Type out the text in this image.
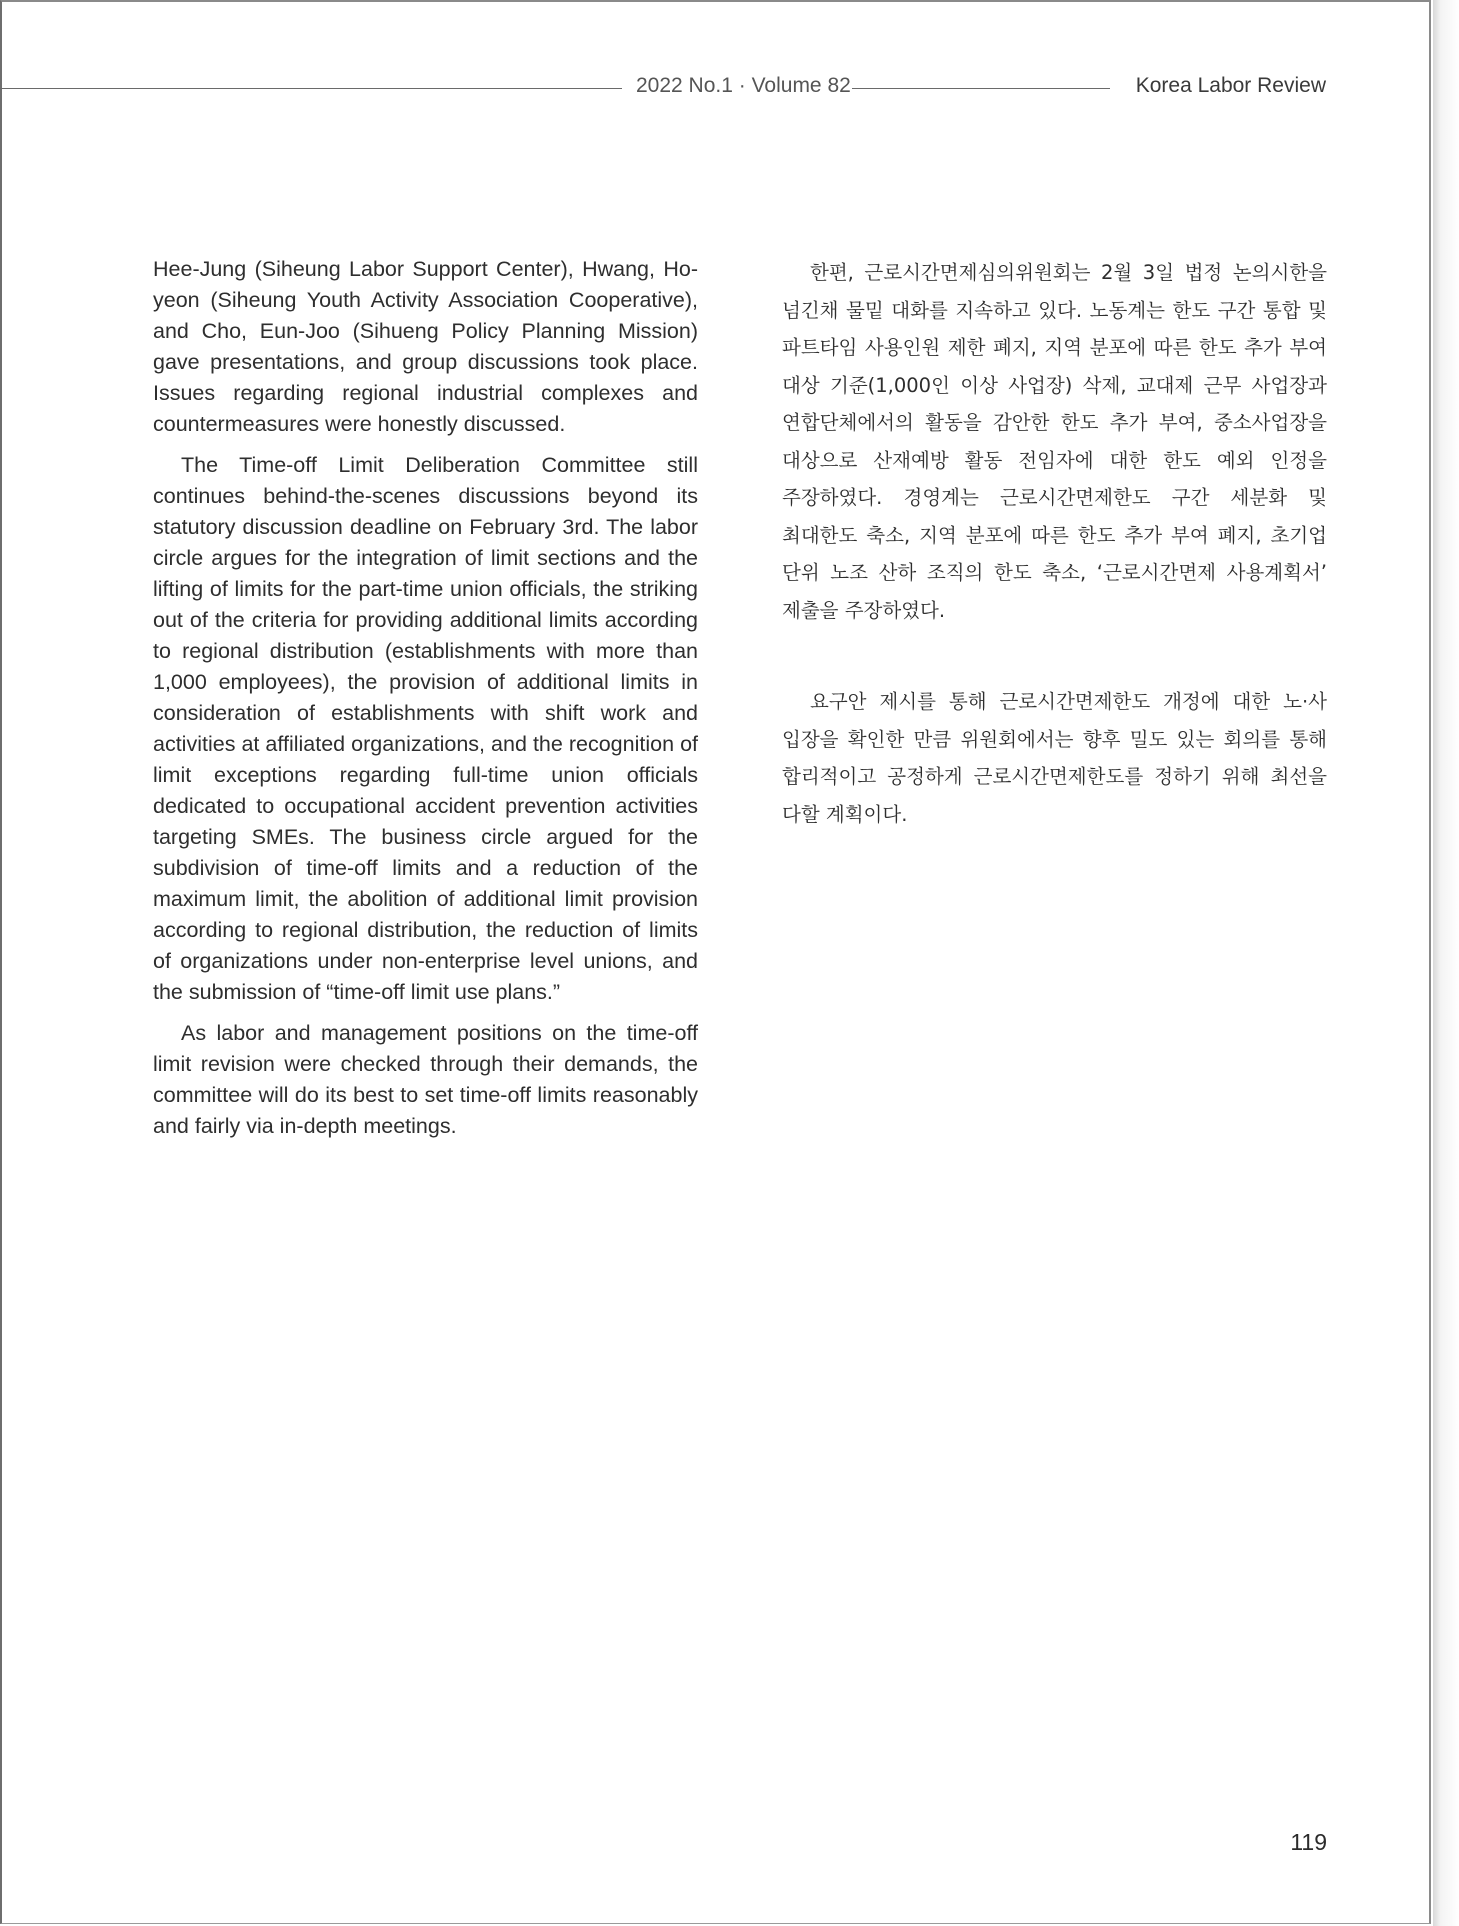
2022 No.1 · Volume 82	Korea Labor Review

Hee-Jung (Siheung Labor Support Center), Hwang, Ho-yeon (Siheung Youth Activity Association Cooperative), and Cho, Eun-Joo (Sihueng Policy Planning Mission) gave presentations, and group discussions took place. Issues regarding regional industrial complexes and countermeasures were honestly discussed.

The Time-off Limit Deliberation Committee still continues behind-the-scenes discussions beyond its statutory discussion deadline on February 3rd. The labor circle argues for the integration of limit sections and the lifting of limits for the part-time union officials, the striking out of the criteria for providing additional limits according to regional distribution (establishments with more than 1,000 employees), the provision of additional limits in consideration of establishments with shift work and activities at affiliated organizations, and the recognition of limit exceptions regarding full-time union officials dedicated to occupational accident prevention activities targeting SMEs. The business circle argued for the subdivision of time-off limits and a reduction of the maximum limit, the abolition of additional limit provision according to regional distribution, the reduction of limits of organizations under non-enterprise level unions, and the submission of “time-off limit use plans.”

As labor and management positions on the time-off limit revision were checked through their demands, the committee will do its best to set time-off limits reasonably and fairly via in-depth meetings.

한편, 근로시간면제심의위원회는 2월 3일 법정 논의시한을 넘긴채 물밑 대화를 지속하고 있다. 노동계는 한도 구간 통합 및 파트타임 사용인원 제한 폐지, 지역 분포에 따른 한도 추가 부여 대상 기준(1,000인 이상 사업장) 삭제, 교대제 근무 사업장과 연합단체에서의 활동을 감안한 한도 추가 부여, 중소사업장을 대상으로 산재예방 활동 전임자에 대한 한도 예외 인정을 주장하였다. 경영계는 근로시간면제한도 구간 세분화 및 최대한도 축소, 지역 분포에 따른 한도 추가 부여 폐지, 초기업 단위 노조 산하 조직의 한도 축소, ‘근로시간면제 사용계획서’ 제출을 주장하였다.

요구안 제시를 통해 근로시간면제한도 개정에 대한 노·사 입장을 확인한 만큼 위원회에서는 향후 밀도 있는 회의를 통해 합리적이고 공정하게 근로시간면제한도를 정하기 위해 최선을 다할 계획이다.

119
